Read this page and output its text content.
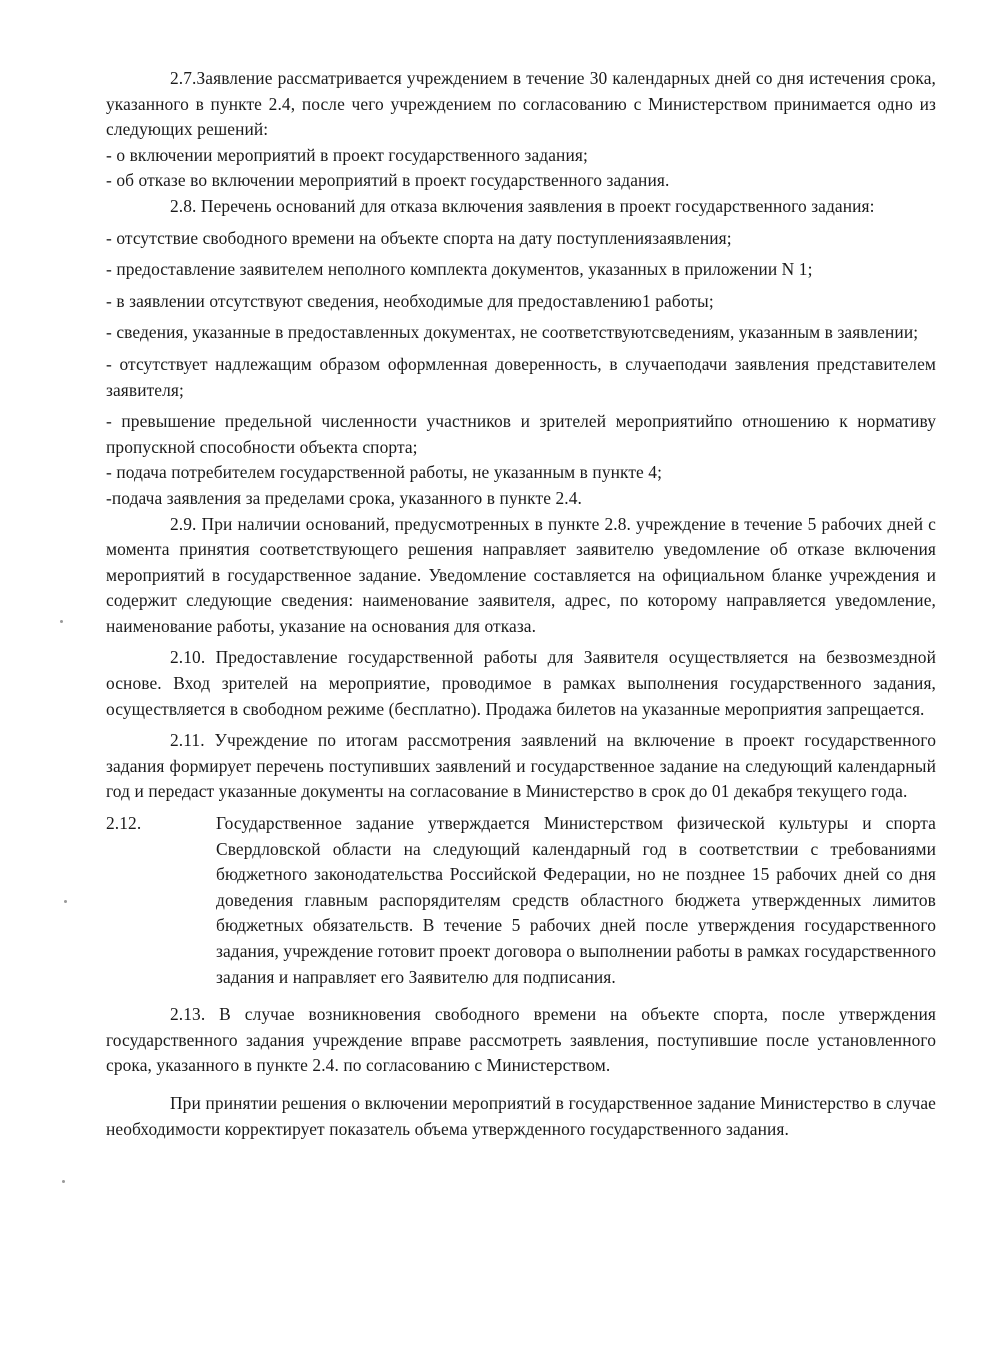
2.7.Заявление рассматривается учреждением в течение 30 календарных дней со дня истечения срока, указанного в пункте 2.4, после чего учреждением по согласованию с Министерством принимается одно из следующих решений:

- о включении мероприятий в проект государственного задания;

- об отказе во включении мероприятий в проект государственного задания.

2.8. Перечень оснований для отказа включения заявления в проект государственного задания:

- отсутствие свободного времени на объекте спорта на дату поступлениязаявления;

- предоставление заявителем неполного комплекта документов, указанных в приложении N 1;

- в заявлении отсутствуют сведения, необходимые для предоставлению1 работы;

- сведения, указанные в предоставленных документах, не соответствуютсведениям, указанным в заявлении;

- отсутствует надлежащим образом оформленная доверенность, в случаеподачи заявления представителем заявителя;

- превышение предельной численности участников и зрителей мероприятийпо отношению к нормативу пропускной способности объекта спорта;

- подача потребителем государственной работы, не указанным в пункте 4;

-подача заявления за пределами срока, указанного в пункте 2.4.

2.9. При наличии оснований, предусмотренных в пункте 2.8. учреждение в течение 5 рабочих дней с момента принятия соответствующего решения направляет заявителю уведомление об отказе включения мероприятий в государственное задание. Уведомление составляется на официальном бланке учреждения и содержит следующие сведения: наименование заявителя, адрес, по которому направляется уведомление, наименование работы, указание на основания для отказа.

2.10. Предоставление государственной работы для Заявителя осуществляется на безвозмездной основе. Вход зрителей на мероприятие, проводимое в рамках выполнения государственного задания, осуществляется в свободном режиме (бесплатно). Продажа билетов на указанные мероприятия запрещается.

2.11. Учреждение по итогам рассмотрения заявлений на включение в проект государственного задания формирует перечень поступивших заявлений и государственное задание на следующий календарный год и передаст указанные документы на согласование в Министерство в срок до 01 декабря текущего года.

2.12.	Государственное задание утверждается Министерством физической культуры и спорта Свердловской области на следующий календарный год в соответствии с требованиями бюджетного законодательства Российской Федерации, но не позднее 15 рабочих дней со дня доведения главным распорядителям средств областного бюджета утвержденных лимитов бюджетных обязательств. В течение 5 рабочих дней после утверждения государственного задания, учреждение готовит проект договора о выполнении работы в рамках государственного задания и направляет его Заявителю для подписания.

2.13. В случае возникновения свободного времени на объекте спорта, после утверждения государственного задания учреждение вправе рассмотреть заявления, поступившие после установленного срока, указанного в пункте 2.4. по согласованию с Министерством.

При принятии решения о включении мероприятий в государственное задание Министерство в случае необходимости корректирует показатель объема утвержденного государственного задания.
